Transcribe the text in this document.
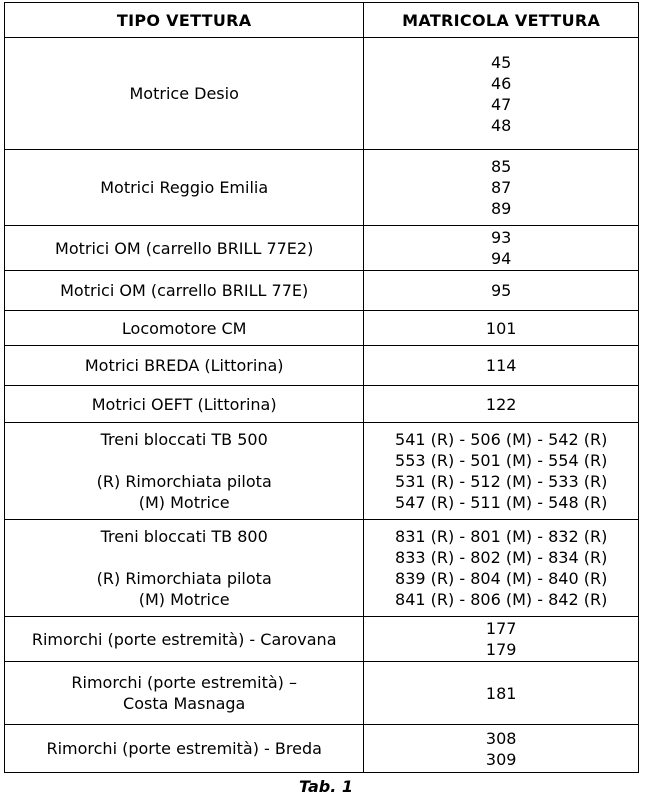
TIPO VETTURA	MATRICOLA VETTURA

Motrice Desio	45
46
47
48

Motrici Reggio Emilia	85
87
89

Motrici OM (carrello BRILL 77E2)	93
94

Motrici OM (carrello BRILL 77E)	95

Locomotore CM	101

Motrici BREDA (Littorina)	114

Motrici OEFT (Littorina)	122

Treni bloccati TB 500
(R) Rimorchiata pilota
(M) Motrice	541 (R) - 506 (M) - 542 (R)
553 (R) - 501 (M) - 554 (R)
531 (R) - 512 (M) - 533 (R)
547 (R) - 511 (M) - 548 (R)

Treni bloccati TB 800
(R) Rimorchiata pilota
(M) Motrice	831 (R) - 801 (M) - 832 (R)
833 (R) - 802 (M) - 834 (R)
839 (R) - 804 (M) - 840 (R)
841 (R) - 806 (M) - 842 (R)

Rimorchi (porte estremità) - Carovana	177
179

Rimorchi (porte estremità) –
Costa Masnaga	181

Rimorchi (porte estremità) - Breda	308
309
Tab. 1
